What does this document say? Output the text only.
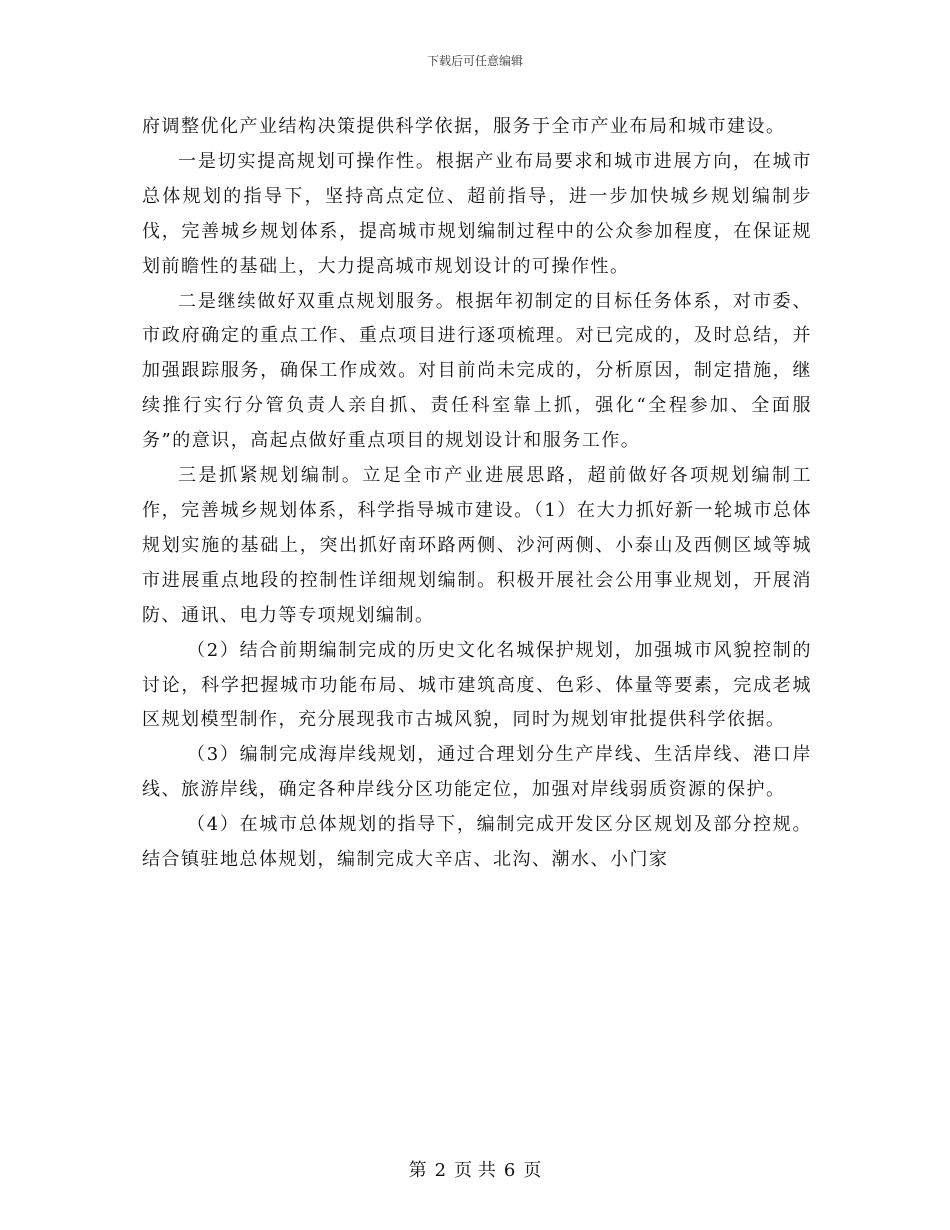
下载后可任意编辑

府调整优化产业结构决策提供科学依据，服务于全市产业布局和城市建设。

一是切实提高规划可操作性。根据产业布局要求和城市进展方向，在城市总体规划的指导下，坚持高点定位、超前指导，进一步加快城乡规划编制步伐，完善城乡规划体系，提高城市规划编制过程中的公众参加程度，在保证规划前瞻性的基础上，大力提高城市规划设计的可操作性。

二是继续做好双重点规划服务。根据年初制定的目标任务体系，对市委、市政府确定的重点工作、重点项目进行逐项梳理。对已完成的，及时总结，并加强跟踪服务，确保工作成效。对目前尚未完成的，分析原因，制定措施，继续推行实行分管负责人亲自抓、责任科室靠上抓，强化“全程参加、全面服务”的意识，高起点做好重点项目的规划设计和服务工作。

三是抓紧规划编制。立足全市产业进展思路，超前做好各项规划编制工作，完善城乡规划体系，科学指导城市建设。（1）在大力抓好新一轮城市总体规划实施的基础上，突出抓好南环路两侧、沙河两侧、小泰山及西侧区域等城市进展重点地段的控制性详细规划编制。积极开展社会公用事业规划，开展消防、通讯、电力等专项规划编制。

（2）结合前期编制完成的历史文化名城保护规划，加强城市风貌控制的讨论，科学把握城市功能布局、城市建筑高度、色彩、体量等要素，完成老城区规划模型制作，充分展现我市古城风貌，同时为规划审批提供科学依据。

（3）编制完成海岸线规划，通过合理划分生产岸线、生活岸线、港口岸线、旅游岸线，确定各种岸线分区功能定位，加强对岸线弱质资源的保护。

（4）在城市总体规划的指导下，编制完成开发区分区规划及部分控规。结合镇驻地总体规划，编制完成大辛店、北沟、潮水、小门家

第 2 页 共 6 页
